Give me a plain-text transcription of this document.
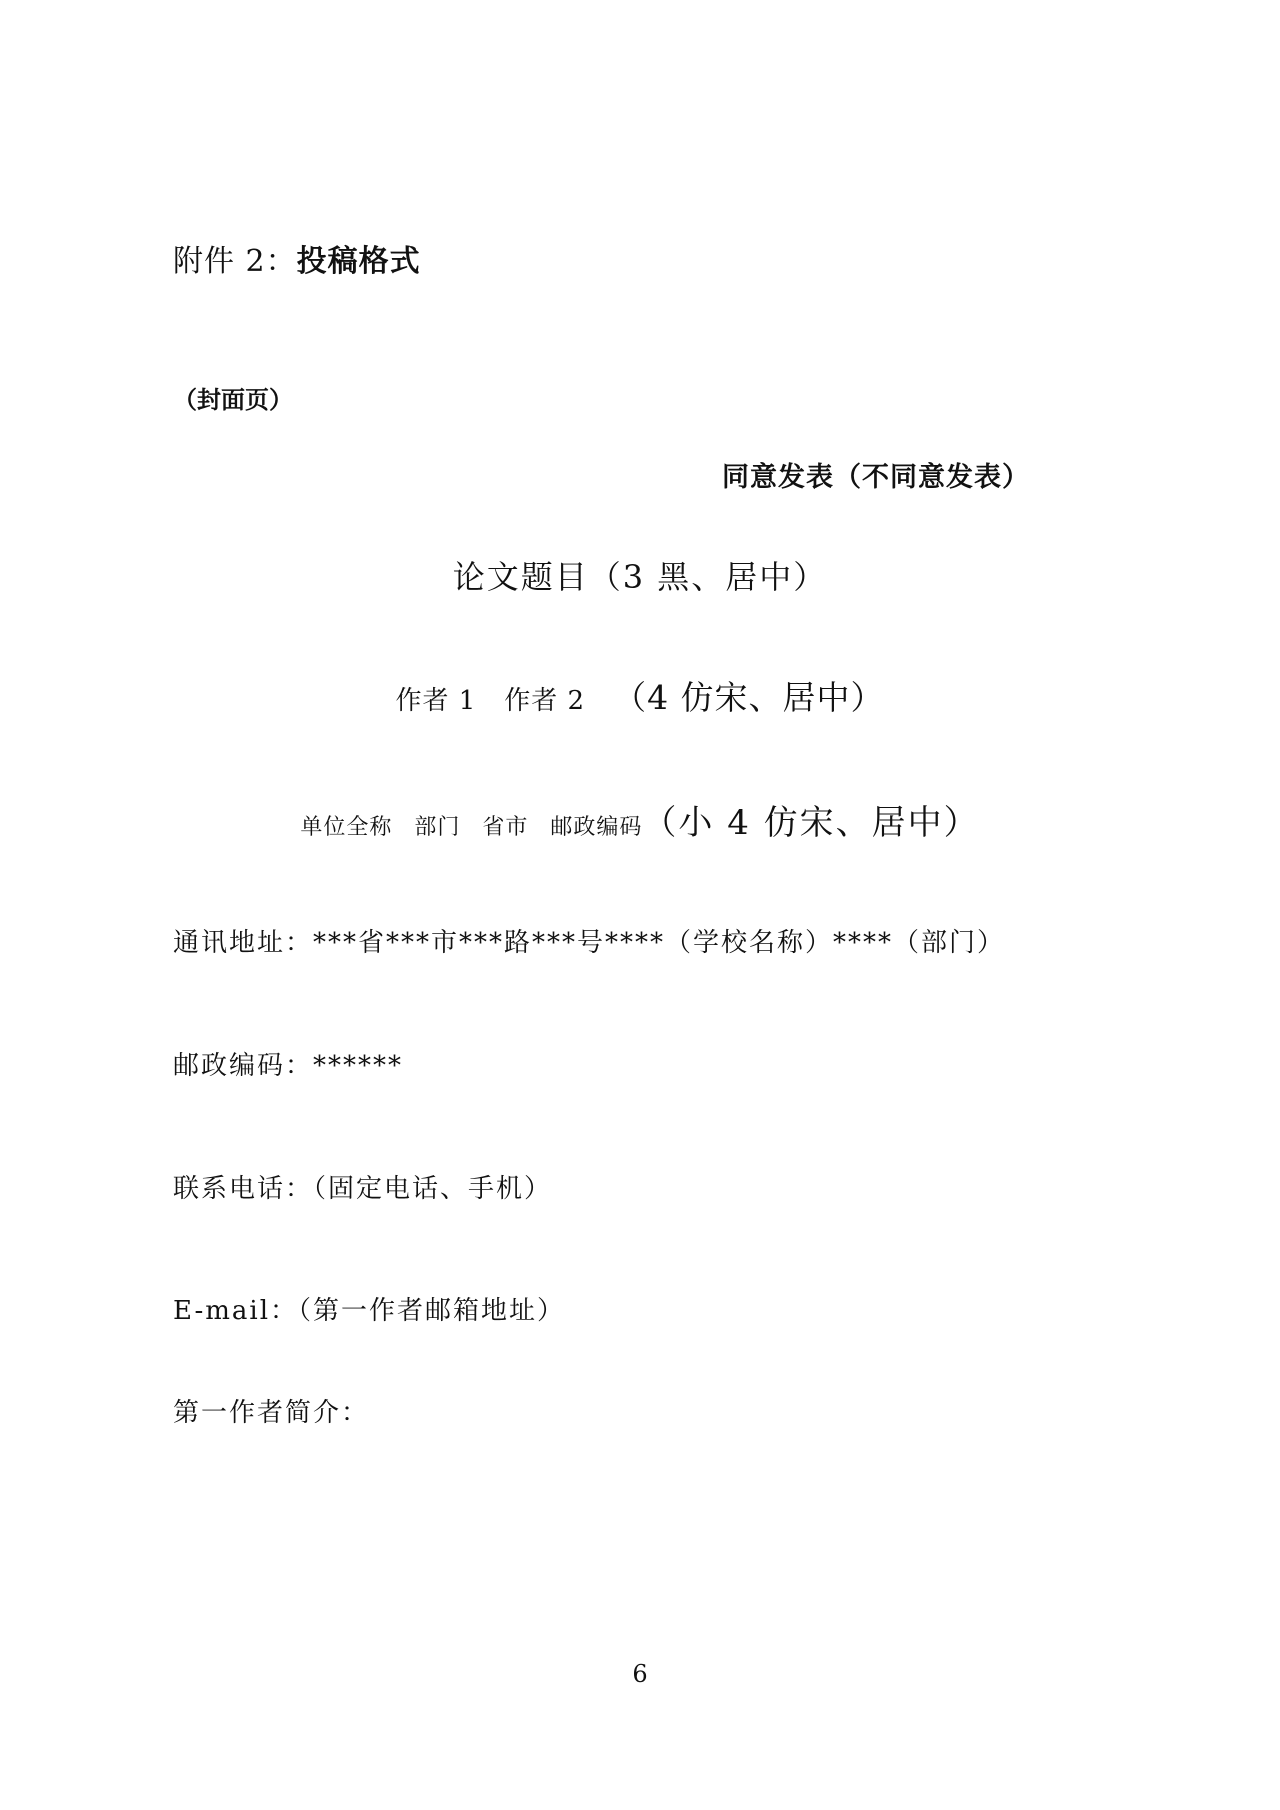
附件 2：投稿格式

（封面页）

同意发表（不同意发表）

论文题目（3 黑、居中）

作者 1 作者 2 （4 仿宋、居中）

单位全称 部门 省市 邮政编码（小 4 仿宋、居中）

通讯地址：***省***市***路***号****（学校名称）****（部门）

邮政编码：******

联系电话：（固定电话、手机）

E-mail：（第一作者邮箱地址）

第一作者简介：

6
